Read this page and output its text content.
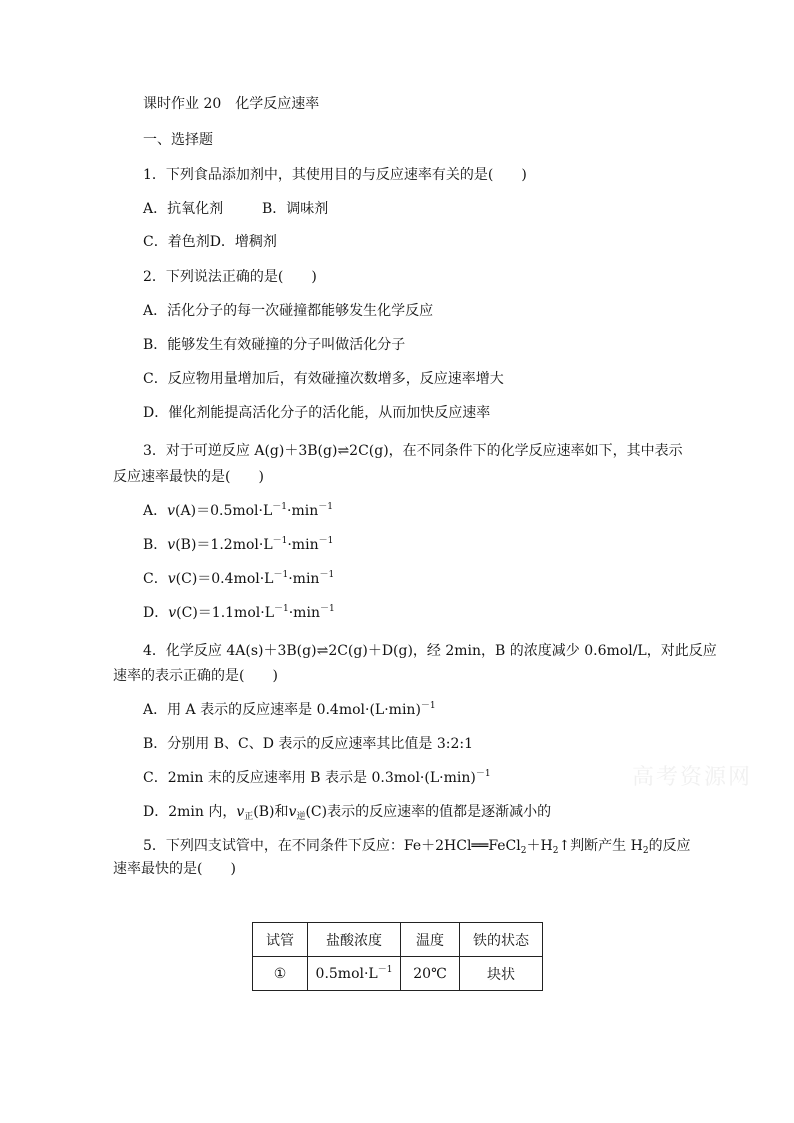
课时作业 20　化学反应速率
一、选择题
1．下列食品添加剂中，其使用目的与反应速率有关的是(　　)
A．抗氧化剂	B．调味剂
C．着色剂D．增稠剂
2．下列说法正确的是(　　)
A．活化分子的每一次碰撞都能够发生化学反应
B．能够发生有效碰撞的分子叫做活化分子
C．反应物用量增加后，有效碰撞次数增多，反应速率增大
D．催化剂能提高活化分子的活化能，从而加快反应速率
3．对于可逆反应 A(g)＋3B(g)⇌2C(g)，在不同条件下的化学反应速率如下，其中表示
反应速率最快的是(　　)
A．$v(A)=0.5mol\cdot L^{-1}\cdot\min^{-1}$
B．$v(B)=1.2mol\cdot L^{-1}\cdot\min^{-1}$
C．$v(C)=0.4mol\cdot L^{-1}\cdot\min^{-1}$
D．$v(C)=1.1mol\cdot L^{-1}\cdot\min^{-1}$
4．化学反应 4A(s)＋3B(g)⇌2C(g)＋D(g)，经 2min，B 的浓度减少 0.6mol/L，对此反应
速率的表示正确的是(　　)
A．用 A 表示的反应速率是 $0.4mol\cdot(L\cdot\min)^{-1}$
B．分别用 B、C、D 表示的反应速率其比值是 3:2:1
C．2min 末的反应速率用 B 表示是 $0.3mol\cdot(L\cdot\min)^{-1}$
D．2min 内，$v_正(B)$和$v_逆(C)$表示的反应速率的值都是逐渐减小的
5．下列四支试管中，在不同条件下反应：$Fe+2HCl══FeCl_2+H_2↑$判断产生 $H_2$的反应
速率最快的是(　　)
试管	盐酸浓度	温度	铁的状态
①	$0.5mol\cdot L^{-1}$	20℃	块状
高考资源网
